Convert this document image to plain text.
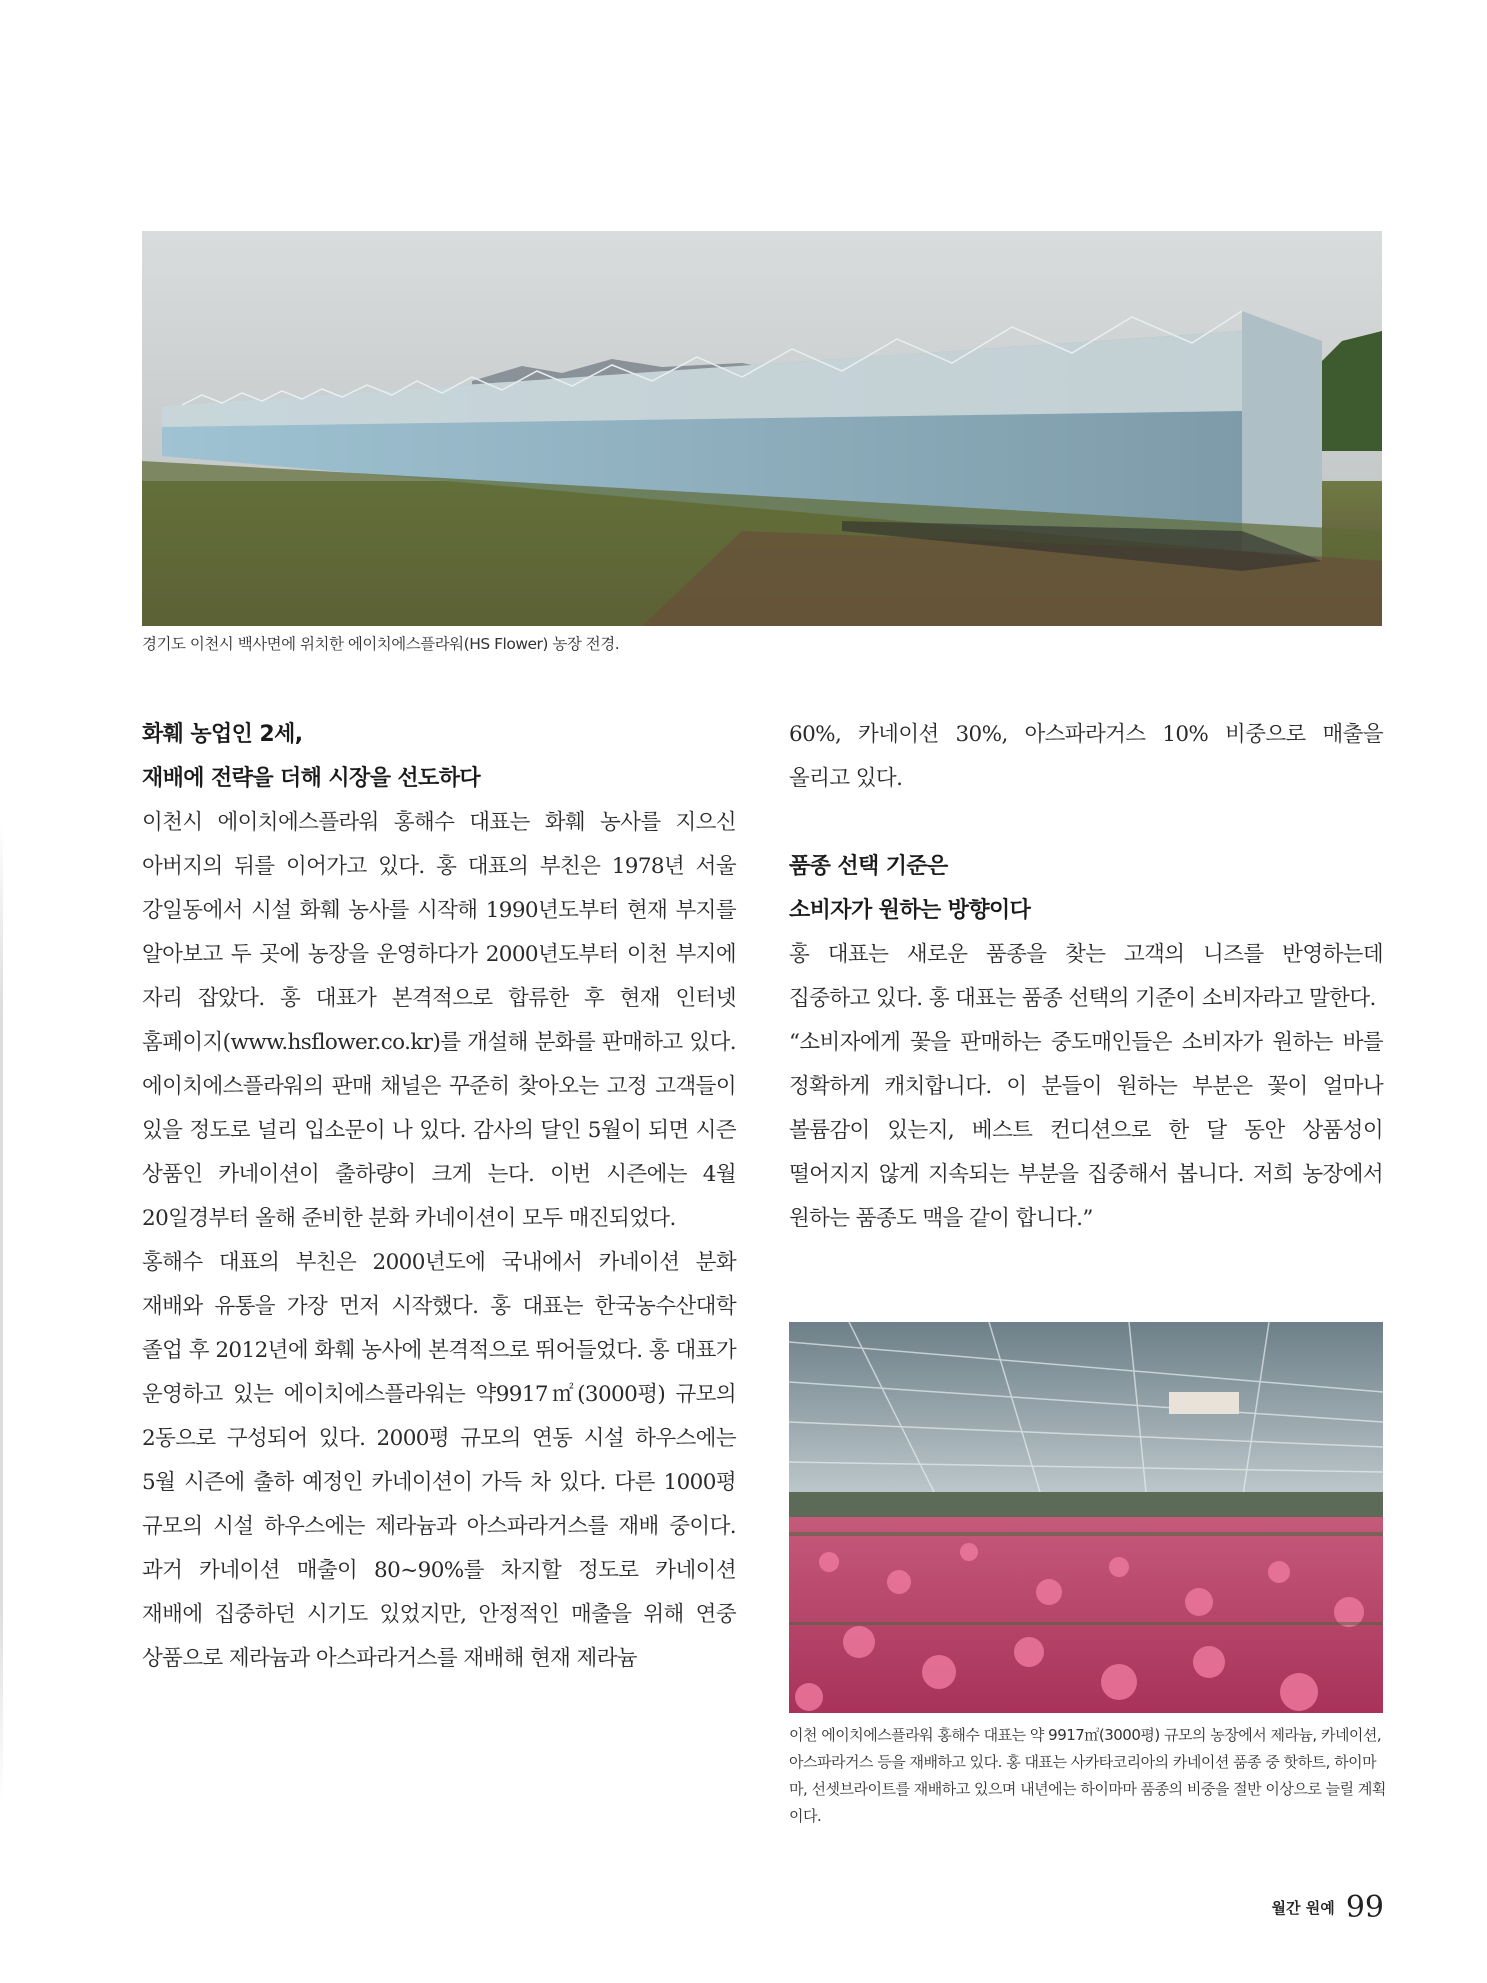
경기도 이천시 백사면에 위치한 에이치에스플라워(HS Flower) 농장 전경.
화훼 농업인 2세,
재배에 전략을 더해 시장을 선도하다

이천시 에이치에스플라워 홍해수 대표는 화훼 농사를 지으신 아버지의 뒤를 이어가고 있다. 홍 대표의 부친은 1978년 서울 강일동에서 시설 화훼 농사를 시작해 1990년도부터 현재 부지를 알아보고 두 곳에 농장을 운영하다가 2000년도부터 이천 부지에 자리 잡았다. 홍 대표가 본격적으로 합류한 후 현재 인터넷 홈페이지(www.hsflower.co.kr)를 개설해 분화를 판매하고 있다. 에이치에스플라워의 판매 채널은 꾸준히 찾아오는 고정 고객들이 있을 정도로 널리 입소문이 나 있다. 감사의 달인 5월이 되면 시즌 상품인 카네이션이 출하량이 크게 는다. 이번 시즌에는 4월 20일경부터 올해 준비한 분화 카네이션이 모두 매진되었다.

홍해수 대표의 부친은 2000년도에 국내에서 카네이션 분화 재배와 유통을 가장 먼저 시작했다. 홍 대표는 한국농수산대학 졸업 후 2012년에 화훼 농사에 본격적으로 뛰어들었다. 홍 대표가 운영하고 있는 에이치에스플라워는 약9917㎡(3000평) 규모의 2동으로 구성되어 있다. 2000평 규모의 연동 시설 하우스에는 5월 시즌에 출하 예정인 카네이션이 가득 차 있다. 다른 1000평 규모의 시설 하우스에는 제라늄과 아스파라거스를 재배 중이다. 과거 카네이션 매출이 80~90%를 차지할 정도로 카네이션 재배에 집중하던 시기도 있었지만, 안정적인 매출을 위해 연중 상품으로 제라늄과 아스파라거스를 재배해 현재 제라늄

60%, 카네이션 30%, 아스파라거스 10% 비중으로 매출을 올리고 있다.

품종 선택 기준은
소비자가 원하는 방향이다

홍 대표는 새로운 품종을 찾는 고객의 니즈를 반영하는데 집중하고 있다. 홍 대표는 품종 선택의 기준이 소비자라고 말한다.

“소비자에게 꽃을 판매하는 중도매인들은 소비자가 원하는 바를 정확하게 캐치합니다. 이 분들이 원하는 부분은 꽃이 얼마나 볼륨감이 있는지, 베스트 컨디션으로 한 달 동안 상품성이 떨어지지 않게 지속되는 부분을 집중해서 봅니다. 저희 농장에서 원하는 품종도 맥을 같이 합니다.”

이천 에이치에스플라워 홍해수 대표는 약 9917㎡(3000평) 규모의 농장에서 제라늄, 카네이션, 아스파라거스 등을 재배하고 있다. 홍 대표는 사카타코리아의 카네이션 품종 중 핫하트, 하이마마, 선셋브라이트를 재배하고 있으며 내년에는 하이마마 품종의 비중을 절반 이상으로 늘릴 계획이다.
월간 원예 99
